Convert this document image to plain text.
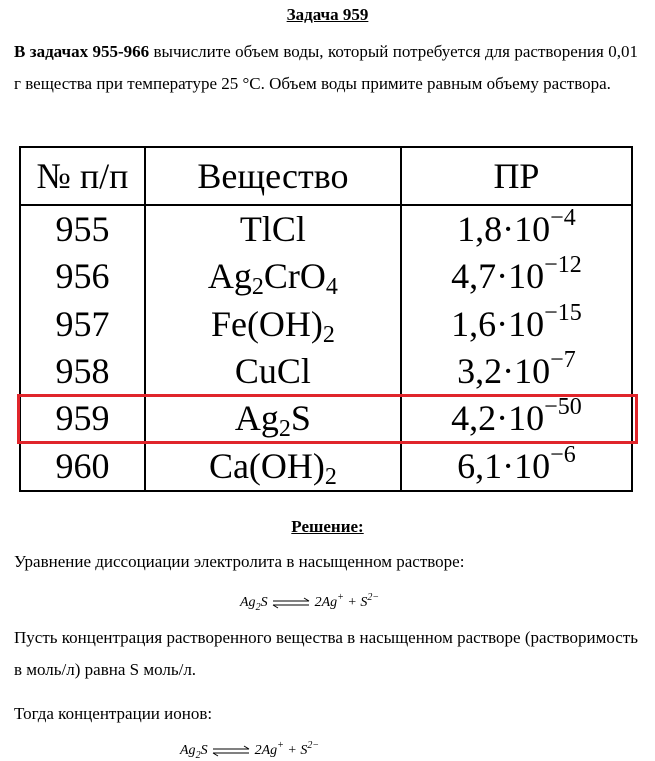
Задача 959
В задачах 955-966 вычислите объем воды, который потребуется для растворения 0,01 г вещества при температуре 25 °С. Объем воды примите равным объему раствора.
№ п/п	Вещество	ПР
955	TlCl	$1,8\cdot 10^{-4}$
956	$Ag_2CrO_4$	$4,7\cdot 10^{-12}$
957	$Fe(OH)_2$	$1,6\cdot 10^{-15}$
958	CuCl	$3,2\cdot 10^{-7}$
959	$Ag_2S$	$4,2\cdot 10^{-50}$
960	$Ca(OH)_2$	$6,1\cdot 10^{-6}$
Решение:
Уравнение диссоциации электролита в насыщенном растворе:
$Ag_2S$ ⇌ $2Ag^+ + S^{2-}$
Пусть концентрация растворенного вещества в насыщенном растворе (растворимость в моль/л) равна S моль/л.
Тогда концентрации ионов:
$Ag_2S$ ⇌ $2Ag^+ + S^{2-}$
